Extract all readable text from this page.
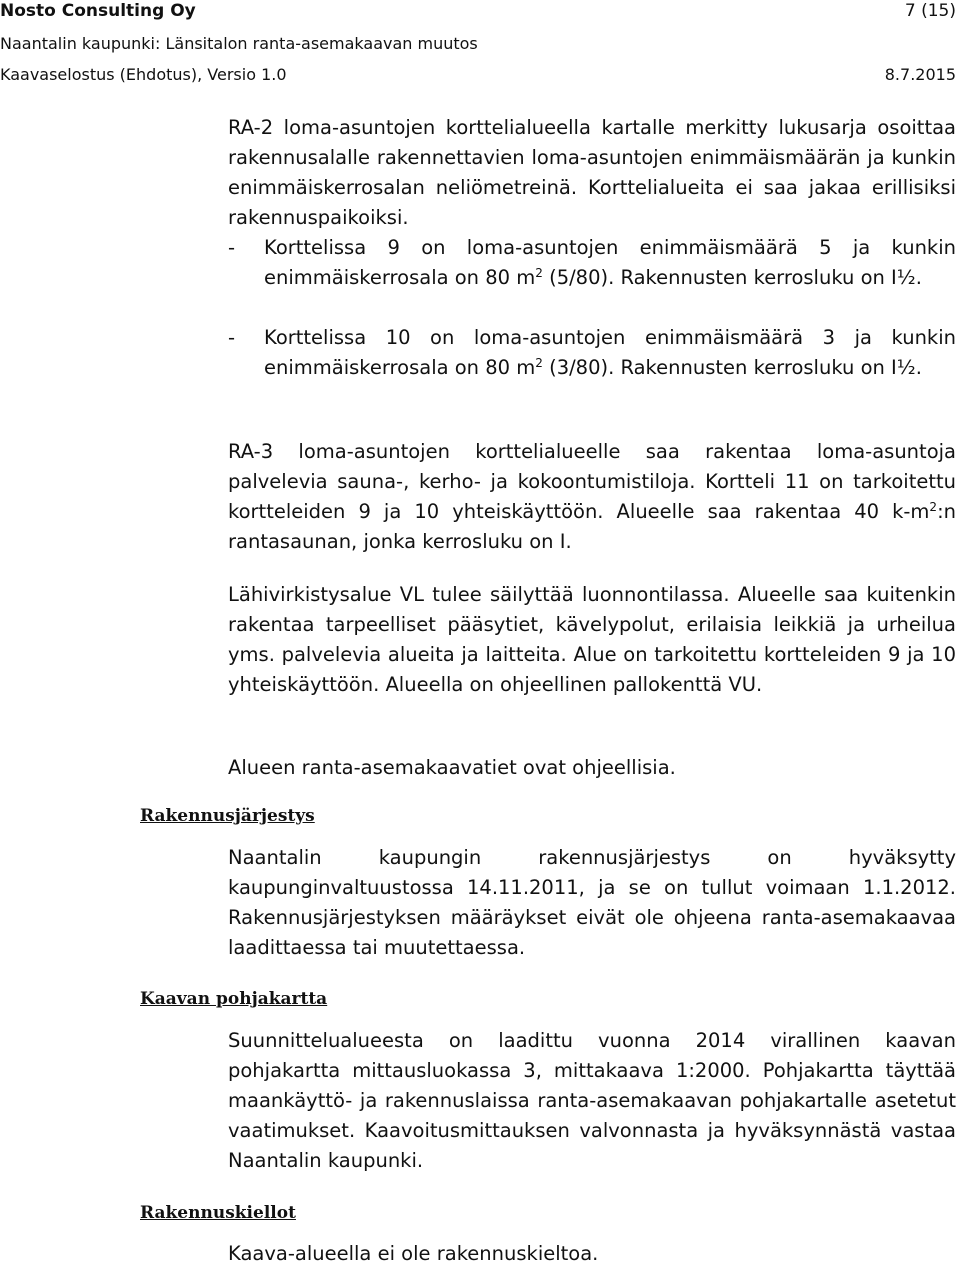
Nosto Consulting Oy	7 (15)
Naantalin kaupunki: Länsitalon ranta-asemakaavan muutos
Kaavaselostus (Ehdotus), Versio 1.0	8.7.2015

RA-2 loma-asuntojen korttelialueella kartalle merkitty lukusarja osoittaa rakennusalalle rakennettavien loma-asuntojen enimmäismäärän ja kunkin enimmäiskerrosalan neliömetreinä. Korttelialueita ei saa jakaa erillisiksi rakennuspaikoiksi.

- Korttelissa 9 on loma-asuntojen enimmäismäärä 5 ja kunkin enimmäiskerrosala on 80 $m^2$ (5/80). Rakennusten kerrosluku on I½.
- Korttelissa 10 on loma-asuntojen enimmäismäärä 3 ja kunkin enimmäiskerrosala on 80 $m^2$ (3/80). Rakennusten kerrosluku on I½.

RA-3 loma-asuntojen korttelialueelle saa rakentaa loma-asuntoja palvelevia sauna-, kerho- ja kokoontumistiloja. Kortteli 11 on tarkoitettu kortteleiden 9 ja 10 yhteiskäyttöön. Alueelle saa rakentaa 40 $k-m^2:n$ rantasaunan, jonka kerrosluku on I.

Lähivirkistysalue VL tulee säilyttää luonnontilassa. Alueelle saa kuitenkin rakentaa tarpeelliset pääsytiet, kävelypolut, erilaisia leikkiä ja urheilua yms. palvelevia alueita ja laitteita. Alue on tarkoitettu kortteleiden 9 ja 10 yhteiskäyttöön. Alueella on ohjeellinen pallokenttä VU.

Alueen ranta-asemakaavatiet ovat ohjeellisia.

Rakennusjärjestys

Naantalin kaupungin rakennusjärjestys on hyväksytty kaupunginvaltuustossa 14.11.2011, ja se on tullut voimaan 1.1.2012. Rakennusjärjestyksen määräykset eivät ole ohjeena ranta-asemakaavaa laadittaessa tai muutettaessa.

Kaavan pohjakartta

Suunnittelualueesta on laadittu vuonna 2014 virallinen kaavan pohjakartta mittausluokassa 3, mittakaava 1:2000. Pohjakartta täyttää maankäyttö- ja rakennuslaissa ranta-asemakaavan pohjakartalle asetetut vaatimukset. Kaavoitusmittauksen valvonnasta ja hyväksynnästä vastaa Naantalin kaupunki.

Rakennuskiellot

Kaava-alueella ei ole rakennuskieltoa.
